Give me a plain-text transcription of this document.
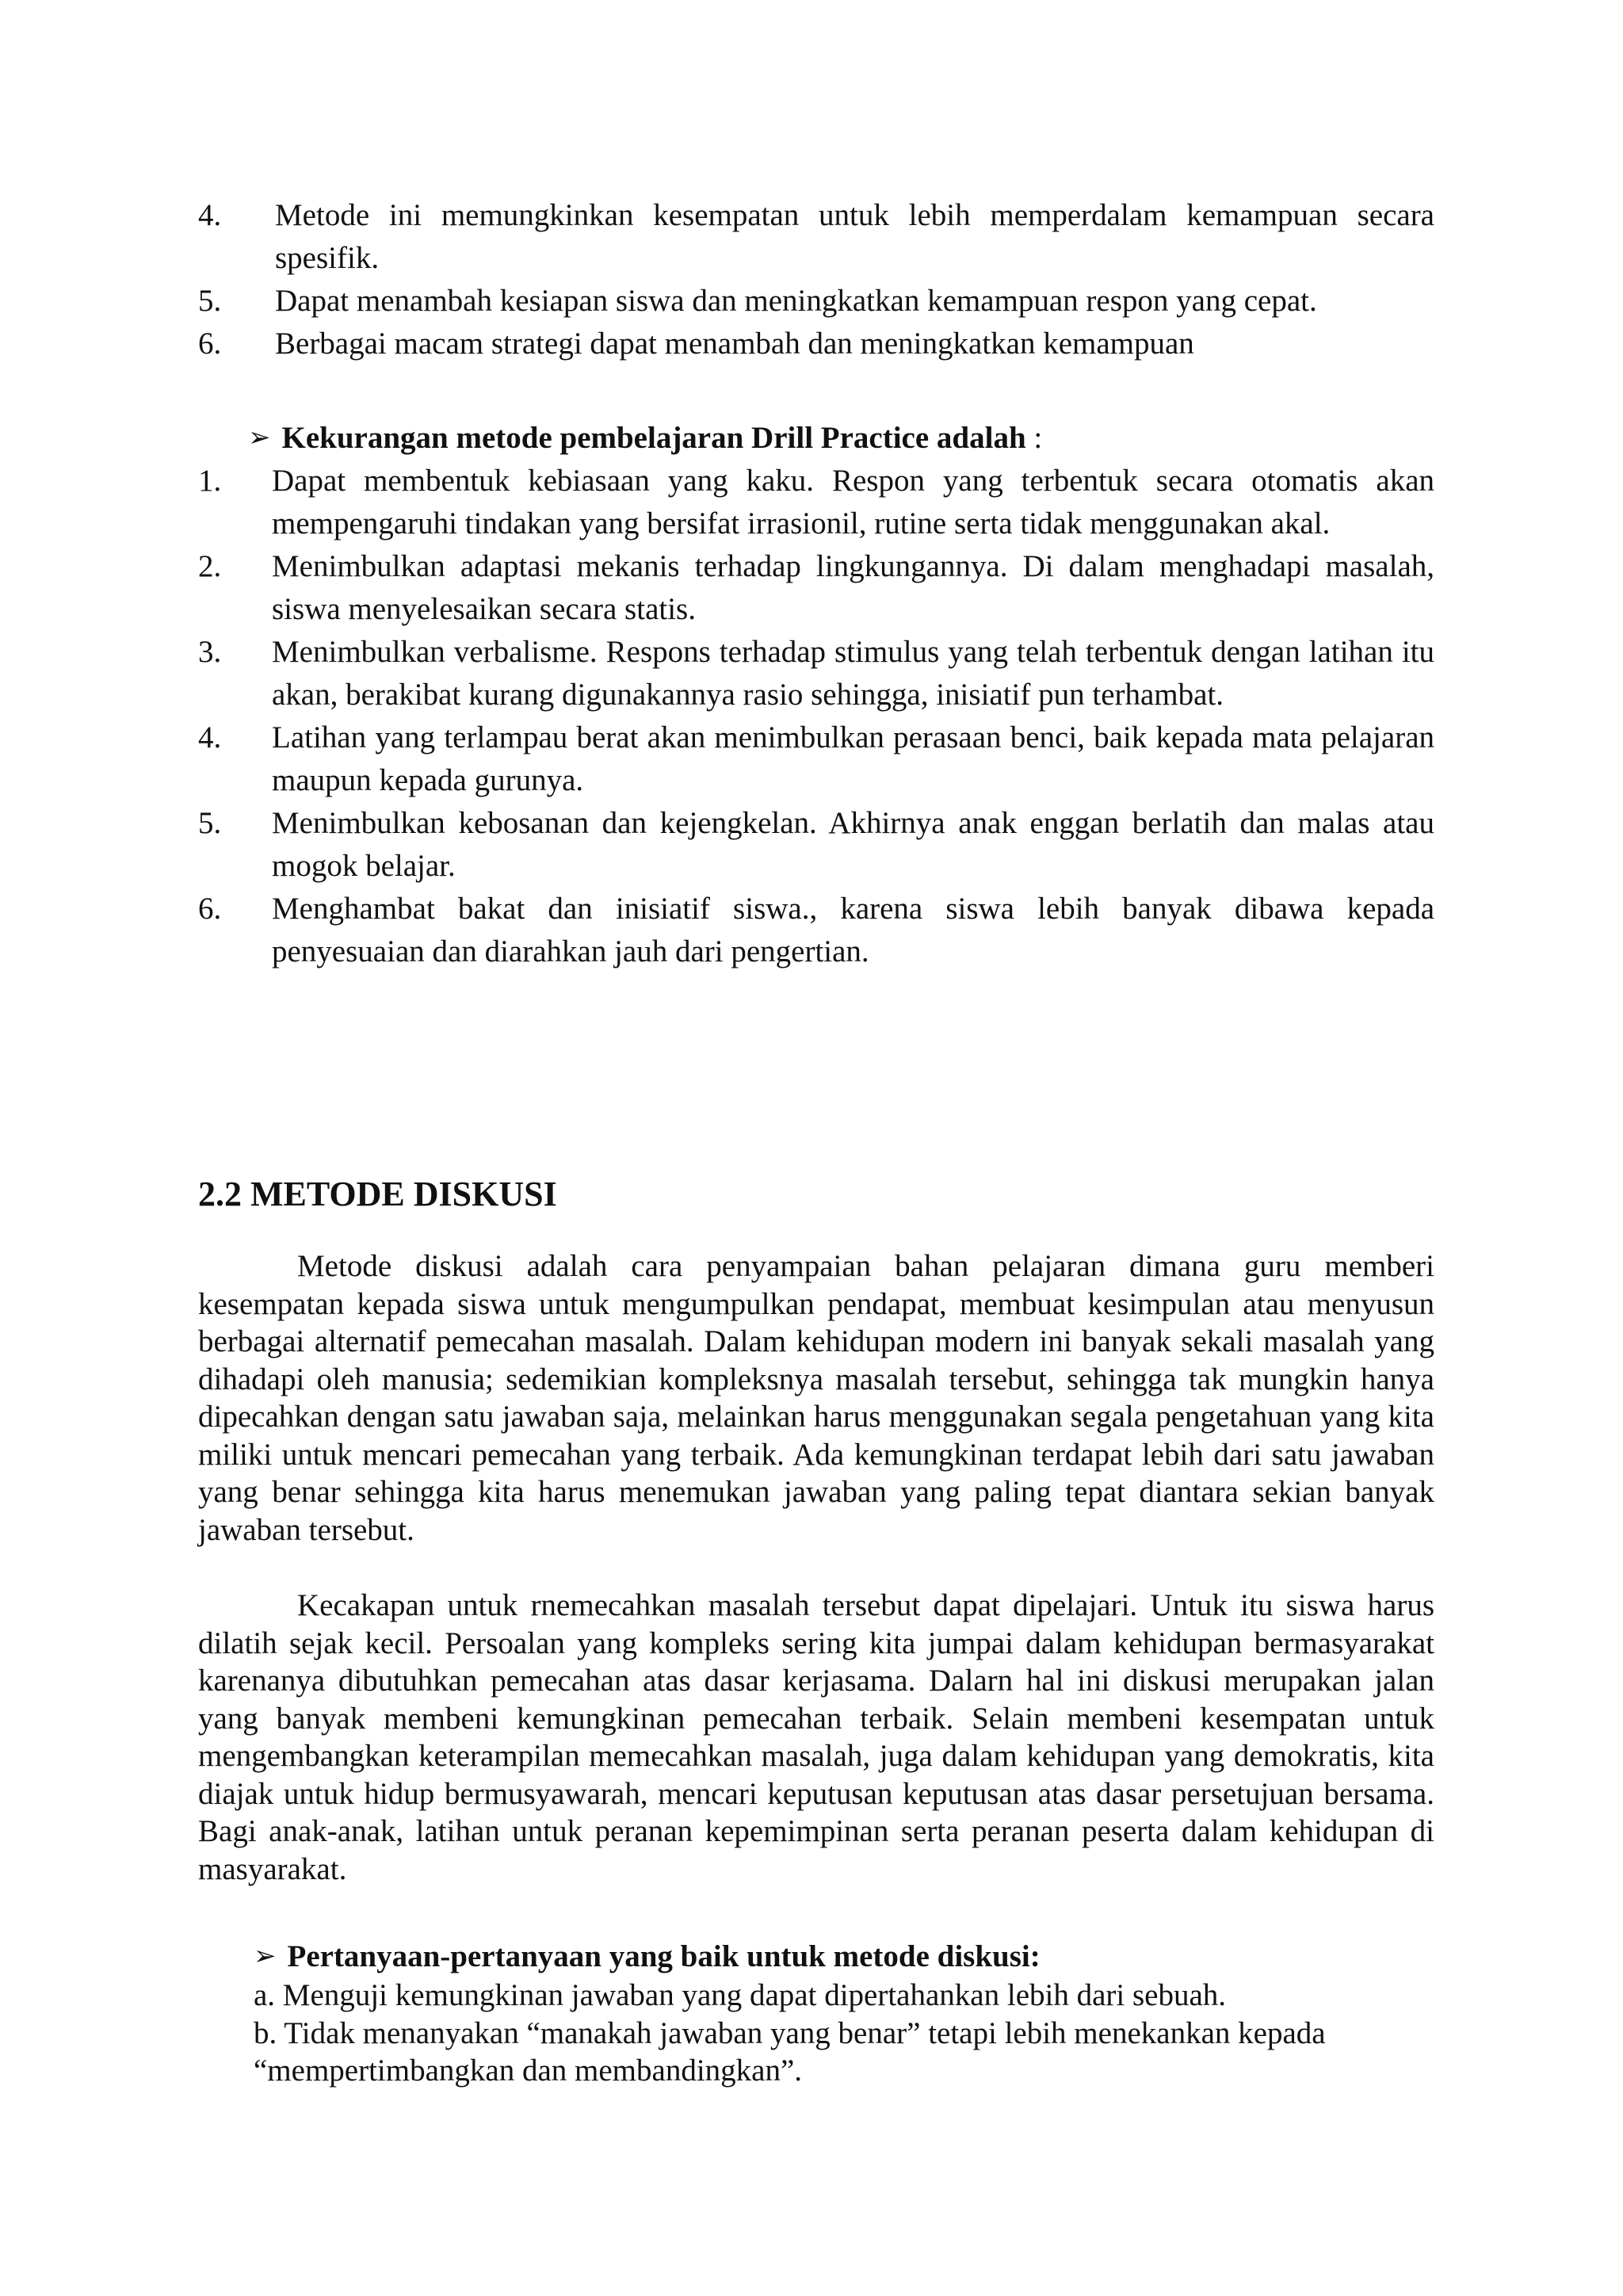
4. Metode ini memungkinkan kesempatan untuk lebih memperdalam kemampuan secara spesifik.
5. Dapat menambah kesiapan siswa dan meningkatkan kemampuan respon yang cepat.
6. Berbagai macam strategi dapat menambah dan meningkatkan kemampuan
➢ Kekurangan metode pembelajaran Drill Practice adalah :
1. Dapat membentuk kebiasaan yang kaku. Respon yang terbentuk secara otomatis akan mempengaruhi tindakan yang bersifat irrasionil, rutine serta tidak menggunakan akal.
2. Menimbulkan adaptasi mekanis terhadap lingkungannya. Di dalam menghadapi masalah, siswa menyelesaikan secara statis.
3. Menimbulkan verbalisme. Respons terhadap stimulus yang telah terbentuk dengan latihan itu akan, berakibat kurang digunakannya rasio sehingga, inisiatif pun terhambat.
4. Latihan yang terlampau berat akan menimbulkan perasaan benci, baik kepada mata pelajaran maupun kepada gurunya.
5. Menimbulkan kebosanan dan kejengkelan. Akhirnya anak enggan berlatih dan malas atau mogok belajar.
6. Menghambat bakat dan inisiatif siswa., karena siswa lebih banyak dibawa kepada penyesuaian dan diarahkan jauh dari pengertian.
2.2 METODE DISKUSI

Metode diskusi adalah cara penyampaian bahan pelajaran dimana guru memberi kesempatan kepada siswa untuk mengumpulkan pendapat, membuat kesimpulan atau menyusun berbagai alternatif pemecahan masalah. Dalam kehidupan modern ini banyak sekali masalah yang dihadapi oleh manusia; sedemikian kompleksnya masalah tersebut, sehingga tak mungkin hanya dipecahkan dengan satu jawaban saja, melainkan harus menggunakan segala pengetahuan yang kita miliki untuk mencari pemecahan yang terbaik. Ada kemungkinan terdapat lebih dari satu jawaban yang benar sehingga kita harus menemukan jawaban yang paling tepat diantara sekian banyak jawaban tersebut.

Kecakapan untuk rnemecahkan masalah tersebut dapat dipelajari. Untuk itu siswa harus dilatih sejak kecil. Persoalan yang kompleks sering kita jumpai dalam kehidupan bermasyarakat karenanya dibutuhkan pemecahan atas dasar kerjasama. Dalarn hal ini diskusi merupakan jalan yang banyak membeni kemungkinan pemecahan terbaik. Selain membeni kesempatan untuk mengembangkan keterampilan memecahkan masalah, juga dalam kehidupan yang demokratis, kita diajak untuk hidup bermusyawarah, mencari keputusan keputusan atas dasar persetujuan bersama. Bagi anak-anak, latihan untuk peranan kepemimpinan serta peranan peserta dalam kehidupan di masyarakat.

➢ Pertanyaan-pertanyaan yang baik untuk metode diskusi:
a. Menguji kemungkinan jawaban yang dapat dipertahankan lebih dari sebuah.
b. Tidak menanyakan “manakah jawaban yang benar” tetapi lebih menekankan kepada “mempertimbangkan dan membandingkan”.
